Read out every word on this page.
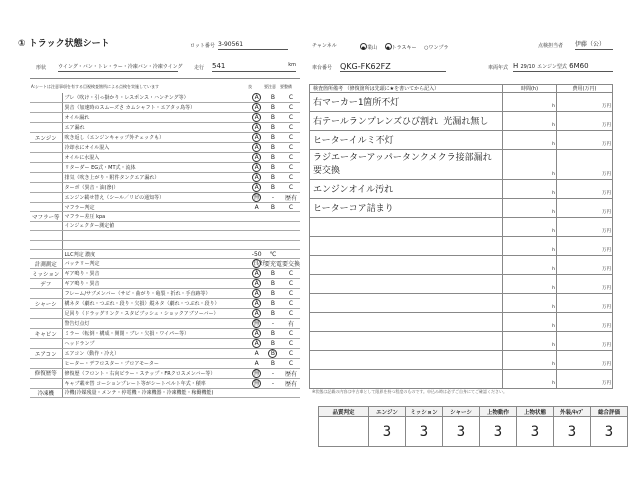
① トラック状態シート	ロット番号 3-90561	チャンネル	● 業山 ● トラスキー ○ワンプラ	点検担当者 伊藤（公）
形状 ウイング・バン・トレ・ラー・冷凍バン・冷凍ウイング 走行 541	km	車台番号 QKG-FK62FZ	車両年式 H 29/10 エンジン型式 6M60
A:シートは注意事項を有する目視検査箇所による点検を実施しています	良	要注意 要整備
	ブレ（吹け・引っ掛かり・レスポンス・ハンチング等）	A	B	C
	異音（加速時のスムーズさ カムシャフト・エアタッ鳥等）	A	B	C
	オイル漏れ	A	B	C
	エア漏れ	A	B	C
エンジン	吹き返し（エンジンキャップ外チェックも）	A	B	C
	冷却水にオイル混入	A	B	C
	オイルに水混入	A	B	C
	リターダー EG式・MT式・流体	A	B	C
	排気（吹き上がり・附件タンクエア漏れ）	A	B	C
	ターボ（異音・油(滲)）	A	B	C
	エンジン載せ替え（シール／リビの通知等）	無	-	歴有
	マフラー判定	A	B	C
マフラー等	マフラー差圧 kpa			
	インジェクター測定値			

	LLC判定 濃度	-50	℃	
計測測定	バッテリー判定	良好	要充電	要交換
ミッション	ギア鳴り・異音	A	B	C
デフ	ギア鳴り・異音	A	B	C
	フレーム/サブメンバー（サビ・曲がり・亀裂・折れ・手直跡等）	A	B	C
シャーシ	構ネタ（劇れ・つぶれ・段り・欠損）縦ネタ（劇れ・つぶれ・段り）	A	B	C
	足回り（ドラッグリンク・スタビブッシュ・ショックアブソーバー）	A	B	C
	警告灯点灯	無	-	有
キャビン	ミラー（転倒・構成・開閉・ブレ・欠損・ワイパー等）	A	B	C
	ヘッドランプ	A	B	C
エアコン	エアコン（動作・冷え）	A	B	C
	ヒーター・デフロスター・ブロアモーター	A	B	C
修復歴等	修復歴（フロント・右向ピラー・ステップ・FRクロスメンバー等）	無	-	歴有
	キャブ載せ替 コーションプレート等がシートベルト年式・積率	無	-	歴有
冷凍機	冷機(冷媒残量・メンテ・停電機・冷凍機器・冷凍機能・稼働機能)			
検査箇所備考 （修復箇所は先頭に★を書いてから記入）	時間(h)	費用(万円)
右マーカー1箇所不灯	h	万円
右テールランプレンズひび割れ 光漏れ無し	h	万円
ヒーターイルミ不灯	h	万円
ラジエーターアッパータンクメクラ接部漏れ 要交換	h	万円
エンジンオイル汚れ	h	万円
ヒーターコア詰まり	h	万円
	h	万円
	h	万円
	h	万円
	h	万円
	h	万円
	h	万円
	h	万円
	h	万円
	h	万円
※状態は記載の内容は中古車として限界を持つ程度のものです。申込み時は必ずご自身にてご確認ください。
品質判定	エンジン	ミッション	シャーシ	上物動作	上物状態	外装/ｷｬﾌﾞ	総合評価
	3	3	3	3	3	3	3
